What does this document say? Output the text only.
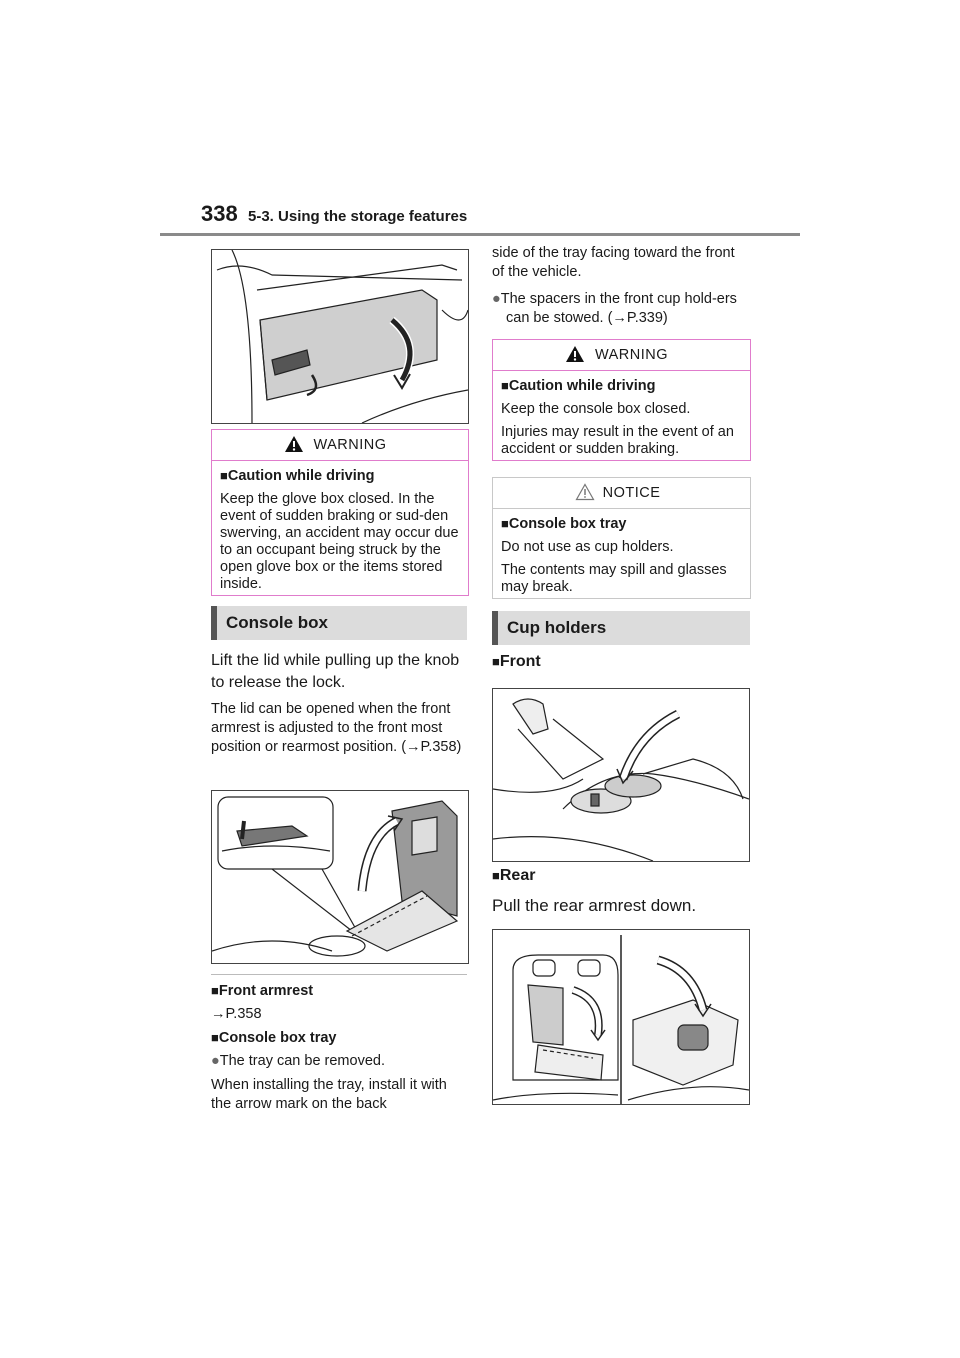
338 5-3. Using the storage features
WARNING
■Caution while driving

Keep the glove box closed. In the event of sudden braking or sud-den swerving, an accident may occur due to an occupant being struck by the open glove box or the items stored inside.

Console box
Lift the lid while pulling up the knob to release the lock.
The lid can be opened when the front armrest is adjusted to the front most position or rearmost position. (→P.358)
■Front armrest
→P.358
■Console box tray
●The tray can be removed.
When installing the tray, install it with the arrow mark on the back
side of the tray facing toward the front of the vehicle.
●The spacers in the front cup hold-ers can be stowed. (→P.339)
WARNING
■Caution while driving

Keep the console box closed.

Injuries may result in the event of an accident or sudden braking.

NOTICE
■Console box tray

Do not use as cup holders.

The contents may spill and glasses may break.

Cup holders
■Front
■Rear
Pull the rear armrest down.
